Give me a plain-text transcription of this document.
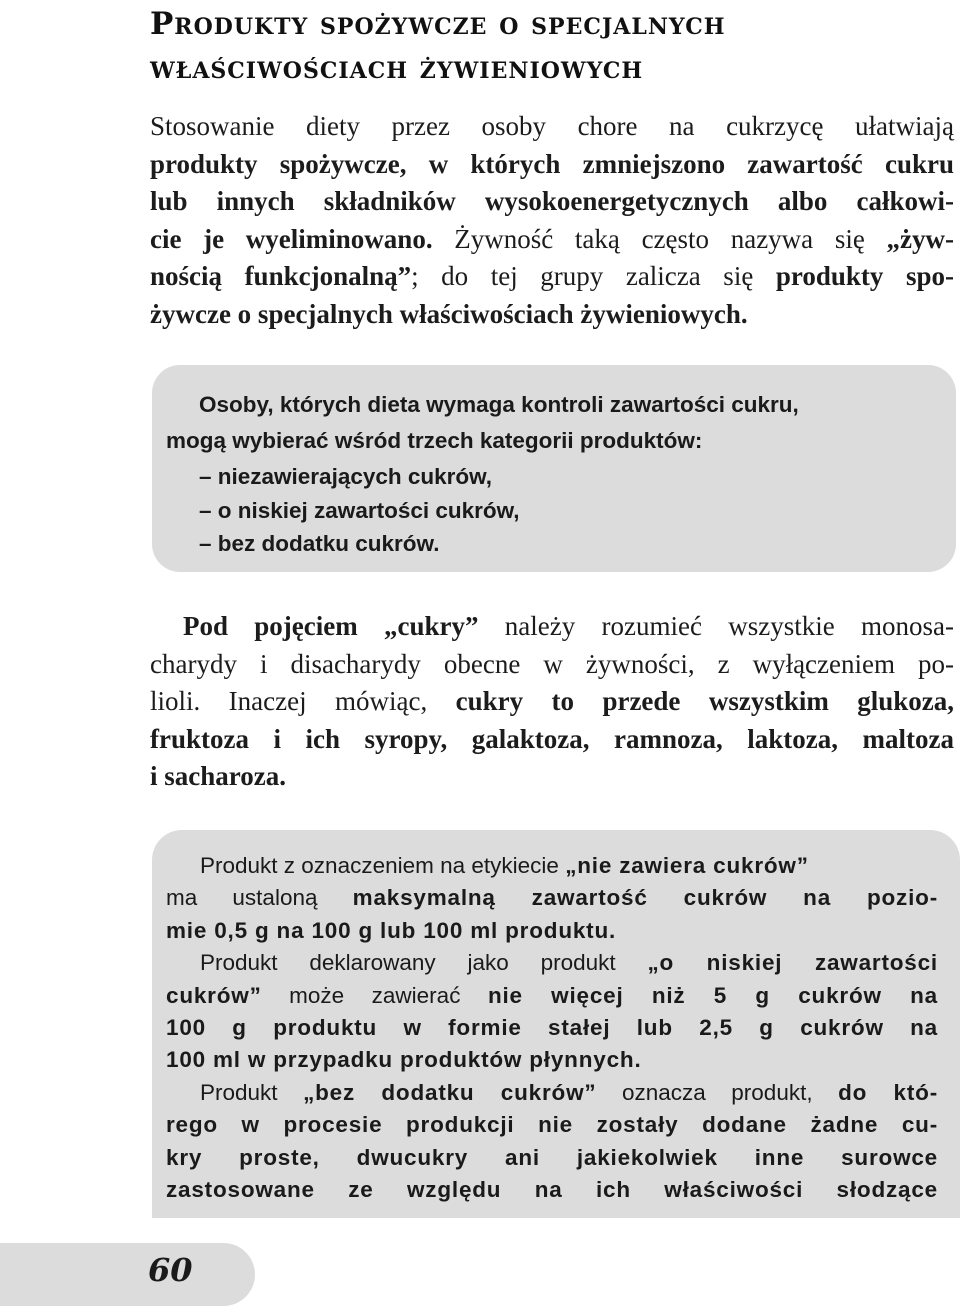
Produkty spożywcze o specjalnych
właściwościach żywieniowych

Stosowanie diety przez osoby chore na cukrzycę ułatwiają
produkty spożywcze, w których zmniejszono zawartość cukru
lub innych składników wysokoenergetycznych albo całkowi-
cie je wyeliminowano. Żywność taką często nazywa się „żyw-
nością funkcjonalną”; do tej grupy zalicza się produkty spo-
żywcze o specjalnych właściwościach żywieniowych.

Osoby, których dieta wymaga kontroli zawartości cukru,
mogą wybierać wśród trzech kategorii produktów:
– niezawierających cukrów,
– o niskiej zawartości cukrów,
– bez dodatku cukrów.

Pod pojęciem „cukry” należy rozumieć wszystkie monosa-
charydy i disacharydy obecne w żywności, z wyłączeniem po-
lioli. Inaczej mówiąc, cukry to przede wszystkim glukoza,
fruktoza i ich syropy, galaktoza, ramnoza, laktoza, maltoza
i sacharoza.

Produkt z oznaczeniem na etykiecie „nie zawiera cukrów”
ma ustaloną maksymalną zawartość cukrów na pozio-
mie 0,5 g na 100 g lub 100 ml produktu.
Produkt deklarowany jako produkt „o niskiej zawartości
cukrów” może zawierać nie więcej niż 5 g cukrów na
100 g produktu w formie stałej lub 2,5 g cukrów na
100 ml w przypadku produktów płynnych.
Produkt „bez dodatku cukrów” oznacza produkt, do któ-
rego w procesie produkcji nie zostały dodane żadne cu-
kry proste, dwucukry ani jakiekolwiek inne surowce
zastosowane ze względu na ich właściwości słodzące
60
